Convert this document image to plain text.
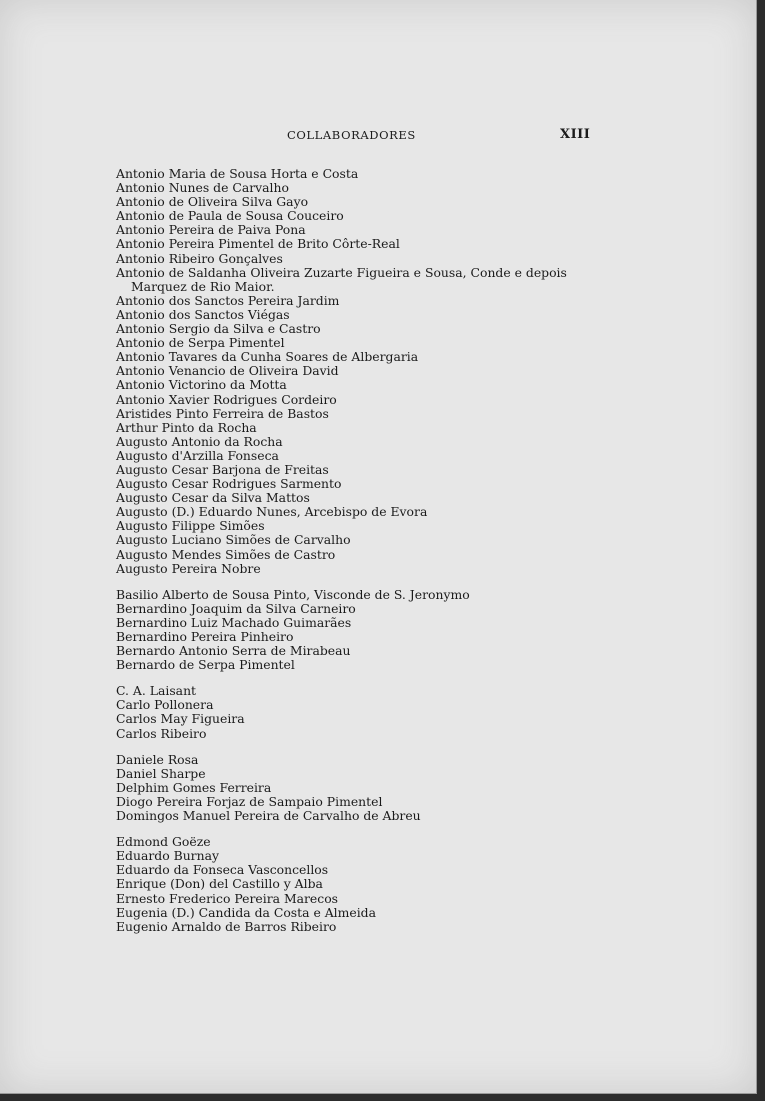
COLLABORADORES	XIII
Antonio Maria de Sousa Horta e Costa
Antonio Nunes de Carvalho
Antonio de Oliveira Silva Gayo
Antonio de Paula de Sousa Couceiro
Antonio Pereira de Paiva Pona
Antonio Pereira Pimentel de Brito Côrte-Real
Antonio Ribeiro Gonçalves
Antonio de Saldanha Oliveira Zuzarte Figueira e Sousa, Conde e depois Marquez de Rio Maior.
Antonio dos Sanctos Pereira Jardim
Antonio dos Sanctos Viégas
Antonio Sergio da Silva e Castro
Antonio de Serpa Pimentel
Antonio Tavares da Cunha Soares de Albergaria
Antonio Venancio de Oliveira David
Antonio Victorino da Motta
Antonio Xavier Rodrigues Cordeiro
Aristides Pinto Ferreira de Bastos
Arthur Pinto da Rocha
Augusto Antonio da Rocha
Augusto d'Arzilla Fonseca
Augusto Cesar Barjona de Freitas
Augusto Cesar Rodrigues Sarmento
Augusto Cesar da Silva Mattos
Augusto (D.) Eduardo Nunes, Arcebispo de Evora
Augusto Filippe Simões
Augusto Luciano Simões de Carvalho
Augusto Mendes Simões de Castro
Augusto Pereira Nobre
Basilio Alberto de Sousa Pinto, Visconde de S. Jeronymo
Bernardino Joaquim da Silva Carneiro
Bernardino Luiz Machado Guimarães
Bernardino Pereira Pinheiro
Bernardo Antonio Serra de Mirabeau
Bernardo de Serpa Pimentel
C. A. Laisant
Carlo Pollonera
Carlos May Figueira
Carlos Ribeiro
Daniele Rosa
Daniel Sharpe
Delphim Gomes Ferreira
Diogo Pereira Forjaz de Sampaio Pimentel
Domingos Manuel Pereira de Carvalho de Abreu
Edmond Goëze
Eduardo Burnay
Eduardo da Fonseca Vasconcellos
Enrique (Don) del Castillo y Alba
Ernesto Frederico Pereira Marecos
Eugenia (D.) Candida da Costa e Almeida
Eugenio Arnaldo de Barros Ribeiro
